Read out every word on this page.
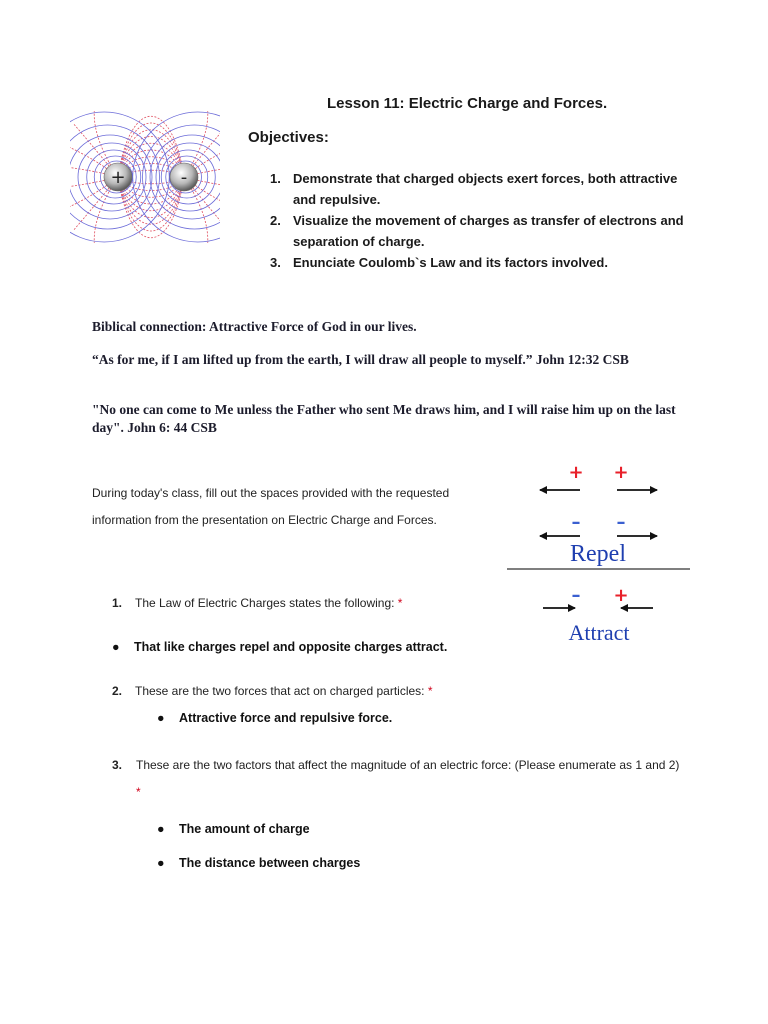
+	-
Lesson 11: Electric Charge and Forces.
Objectives:
1. Demonstrate that charged objects exert forces, both attractive and repulsive.
2. Visualize the movement of charges as transfer of electrons and separation of charge.
3. Enunciate Coulomb`s Law and its factors involved.
Biblical connection: Attractive Force of God in our lives.
“As for me, if I am lifted up from the earth, I will draw all people to myself.” John 12:32 CSB
"No one can come to Me unless the Father who sent Me draws him, and I will raise him up on the last day". John 6: 44 CSB
During today's class, fill out the spaces provided with the requested information from the presentation on Electric Charge and Forces.
+ +
– –
– +
Repel
Attract
1. The Law of Electric Charges states the following: *
● That like charges repel and opposite charges attract.
2. These are the two forces that act on charged particles: *
● Attractive force and repulsive force.
3.	These are the two factors that affect the magnitude of an electric force: (Please enumerate as 1 and 2) *
● The amount of charge
● The distance between charges
